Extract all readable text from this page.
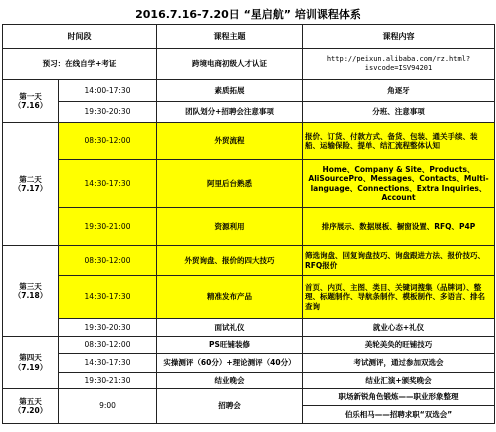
2016.7.16-7.20日 “星启航” 培训课程体系
时间段		课程主题	课程内容
预习：在线自学+考证		跨境电商初级人才认证	http://peixun.alibaba.com/rz.html?isvcode=ISV94201
第一天（7.16）	14:00-17:30	素质拓展	角逐牙
	19:30-20:30	团队划分+招聘会注意事项	分班、注意事项
第二天（7.17）	08:30-12:00	外贸流程	报价、订货、付款方式、备货、包装、通关手续、装船、运输保险、提单、结汇流程整体认知
	14:30-17:30	阿里后台熟悉	Home、Company & Site、Products、AliSourcePro、Messages、Contacts、Multi-language、Connections、Extra Inquiries、Account
	19:30-21:00	资源利用	排序展示、数据展板、橱窗设置、RFQ、P4P
第三天（7.18）	08:30-12:00	外贸询盘、报价的四大技巧	筛选询盘、回复询盘技巧、询盘跟进方法、报价技巧、RFQ报价
	14:30-17:30	精准发布产品	首页、内页、主图、类目、关键词搜集（品牌词）、整理、标题制作、导航条制作、模板制作、多语言、排名查询
	19:30-20:30	面试礼仪	就业心态+礼仪
第四天（7.19）	08:30-12:00	PS旺铺装修	美轮美奂的旺铺技巧
	14:30-17:30	实操测评（60分）+理论测评（40分）	考试测评，通过参加双选会
	19:30-21:30	结业晚会	结业汇演+颁奖晚会
第五天（7.20）	9:00	招聘会	职场新锐角色锻炼——职业形象整理
			伯乐相马——招聘求职“双选会”
